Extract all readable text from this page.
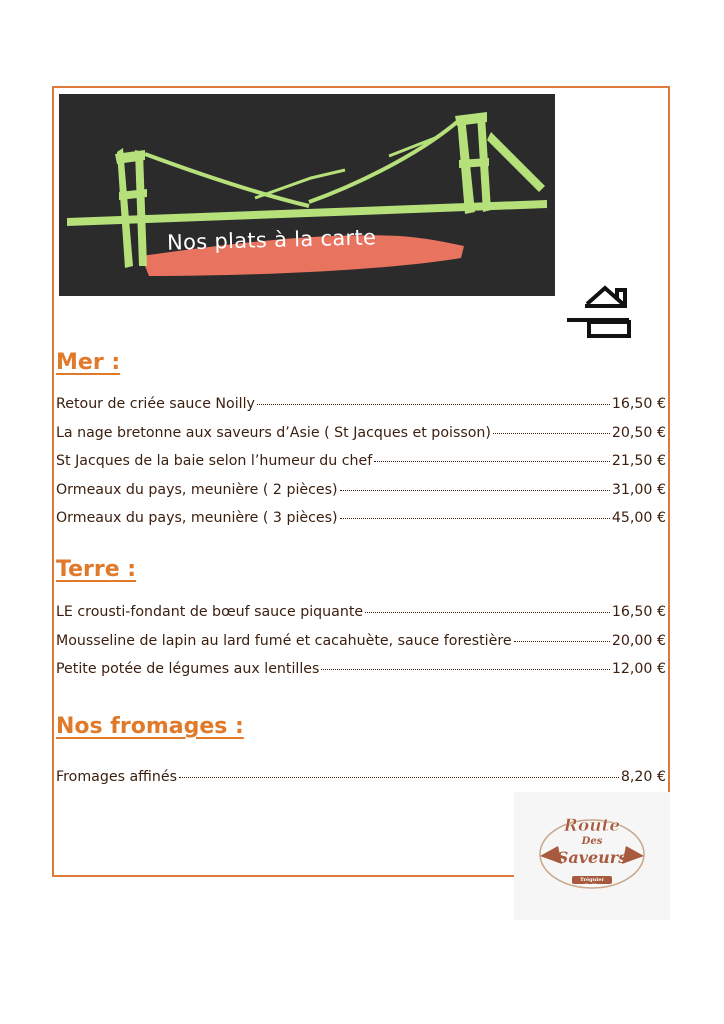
Nos plats à la carte
Mer :
Retour de criée sauce Noilly	16,50 €
La nage bretonne aux saveurs d’Asie ( St Jacques et poisson)	20,50 €
St Jacques de la baie selon l’humeur du chef	21,50 €
Ormeaux du pays, meunière ( 2 pièces)	31,00 €
Ormeaux du pays, meunière ( 3 pièces)	45,00 €
Terre :
LE crousti-fondant de bœuf sauce piquante	16,50 €
Mousseline de lapin au lard fumé et cacahuète, sauce forestière	20,00 €
Petite potée de légumes aux lentilles	12,00 €
Nos fromages :
Fromages affinés	8,20 €
Route
Des
Saveurs
Tréguier Goëlo
